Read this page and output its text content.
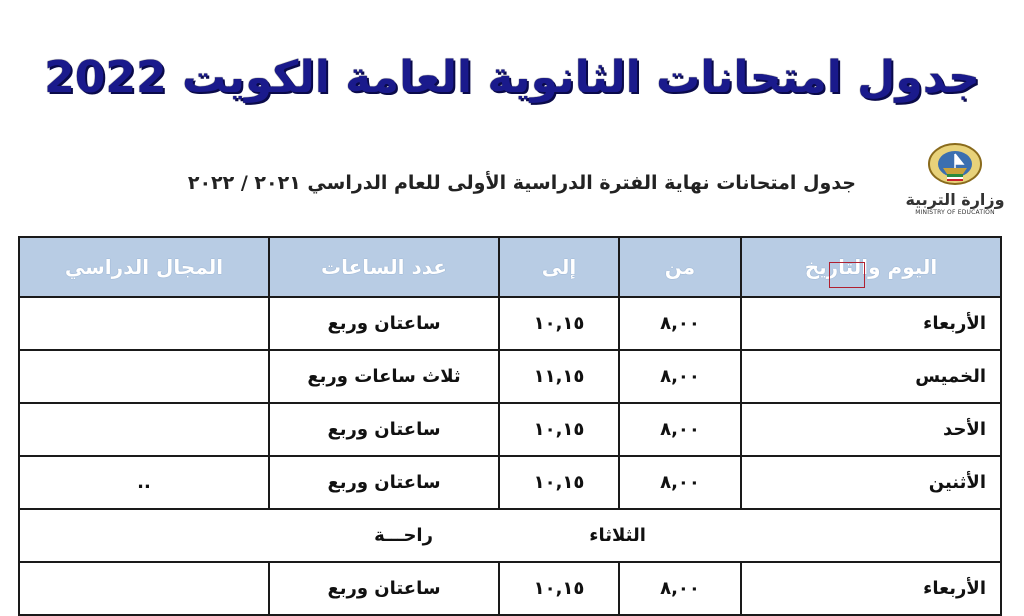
جدول امتحانات الثانوية العامة الكويت 2022
وزارة التربية
MINISTRY OF EDUCATION
جدول امتحانات نهاية الفترة الدراسية الأولى للعام الدراسي ٢٠٢١ / ٢٠٢٢
اليوم والتاريخ	من	إلى	عدد الساعات	المجال الدراسي
الأربعاء	٨,٠٠	١٠,١٥	ساعتان وربع	
الخميس	٨,٠٠	١١,١٥	ثلاث ساعات وربع	
الأحد	٨,٠٠	١٠,١٥	ساعتان وربع	
الأثنين	٨,٠٠	١٠,١٥	ساعتان وربع	..
الثلاثاء راحـــة				
الأربعاء	٨,٠٠	١٠,١٥	ساعتان وربع	
